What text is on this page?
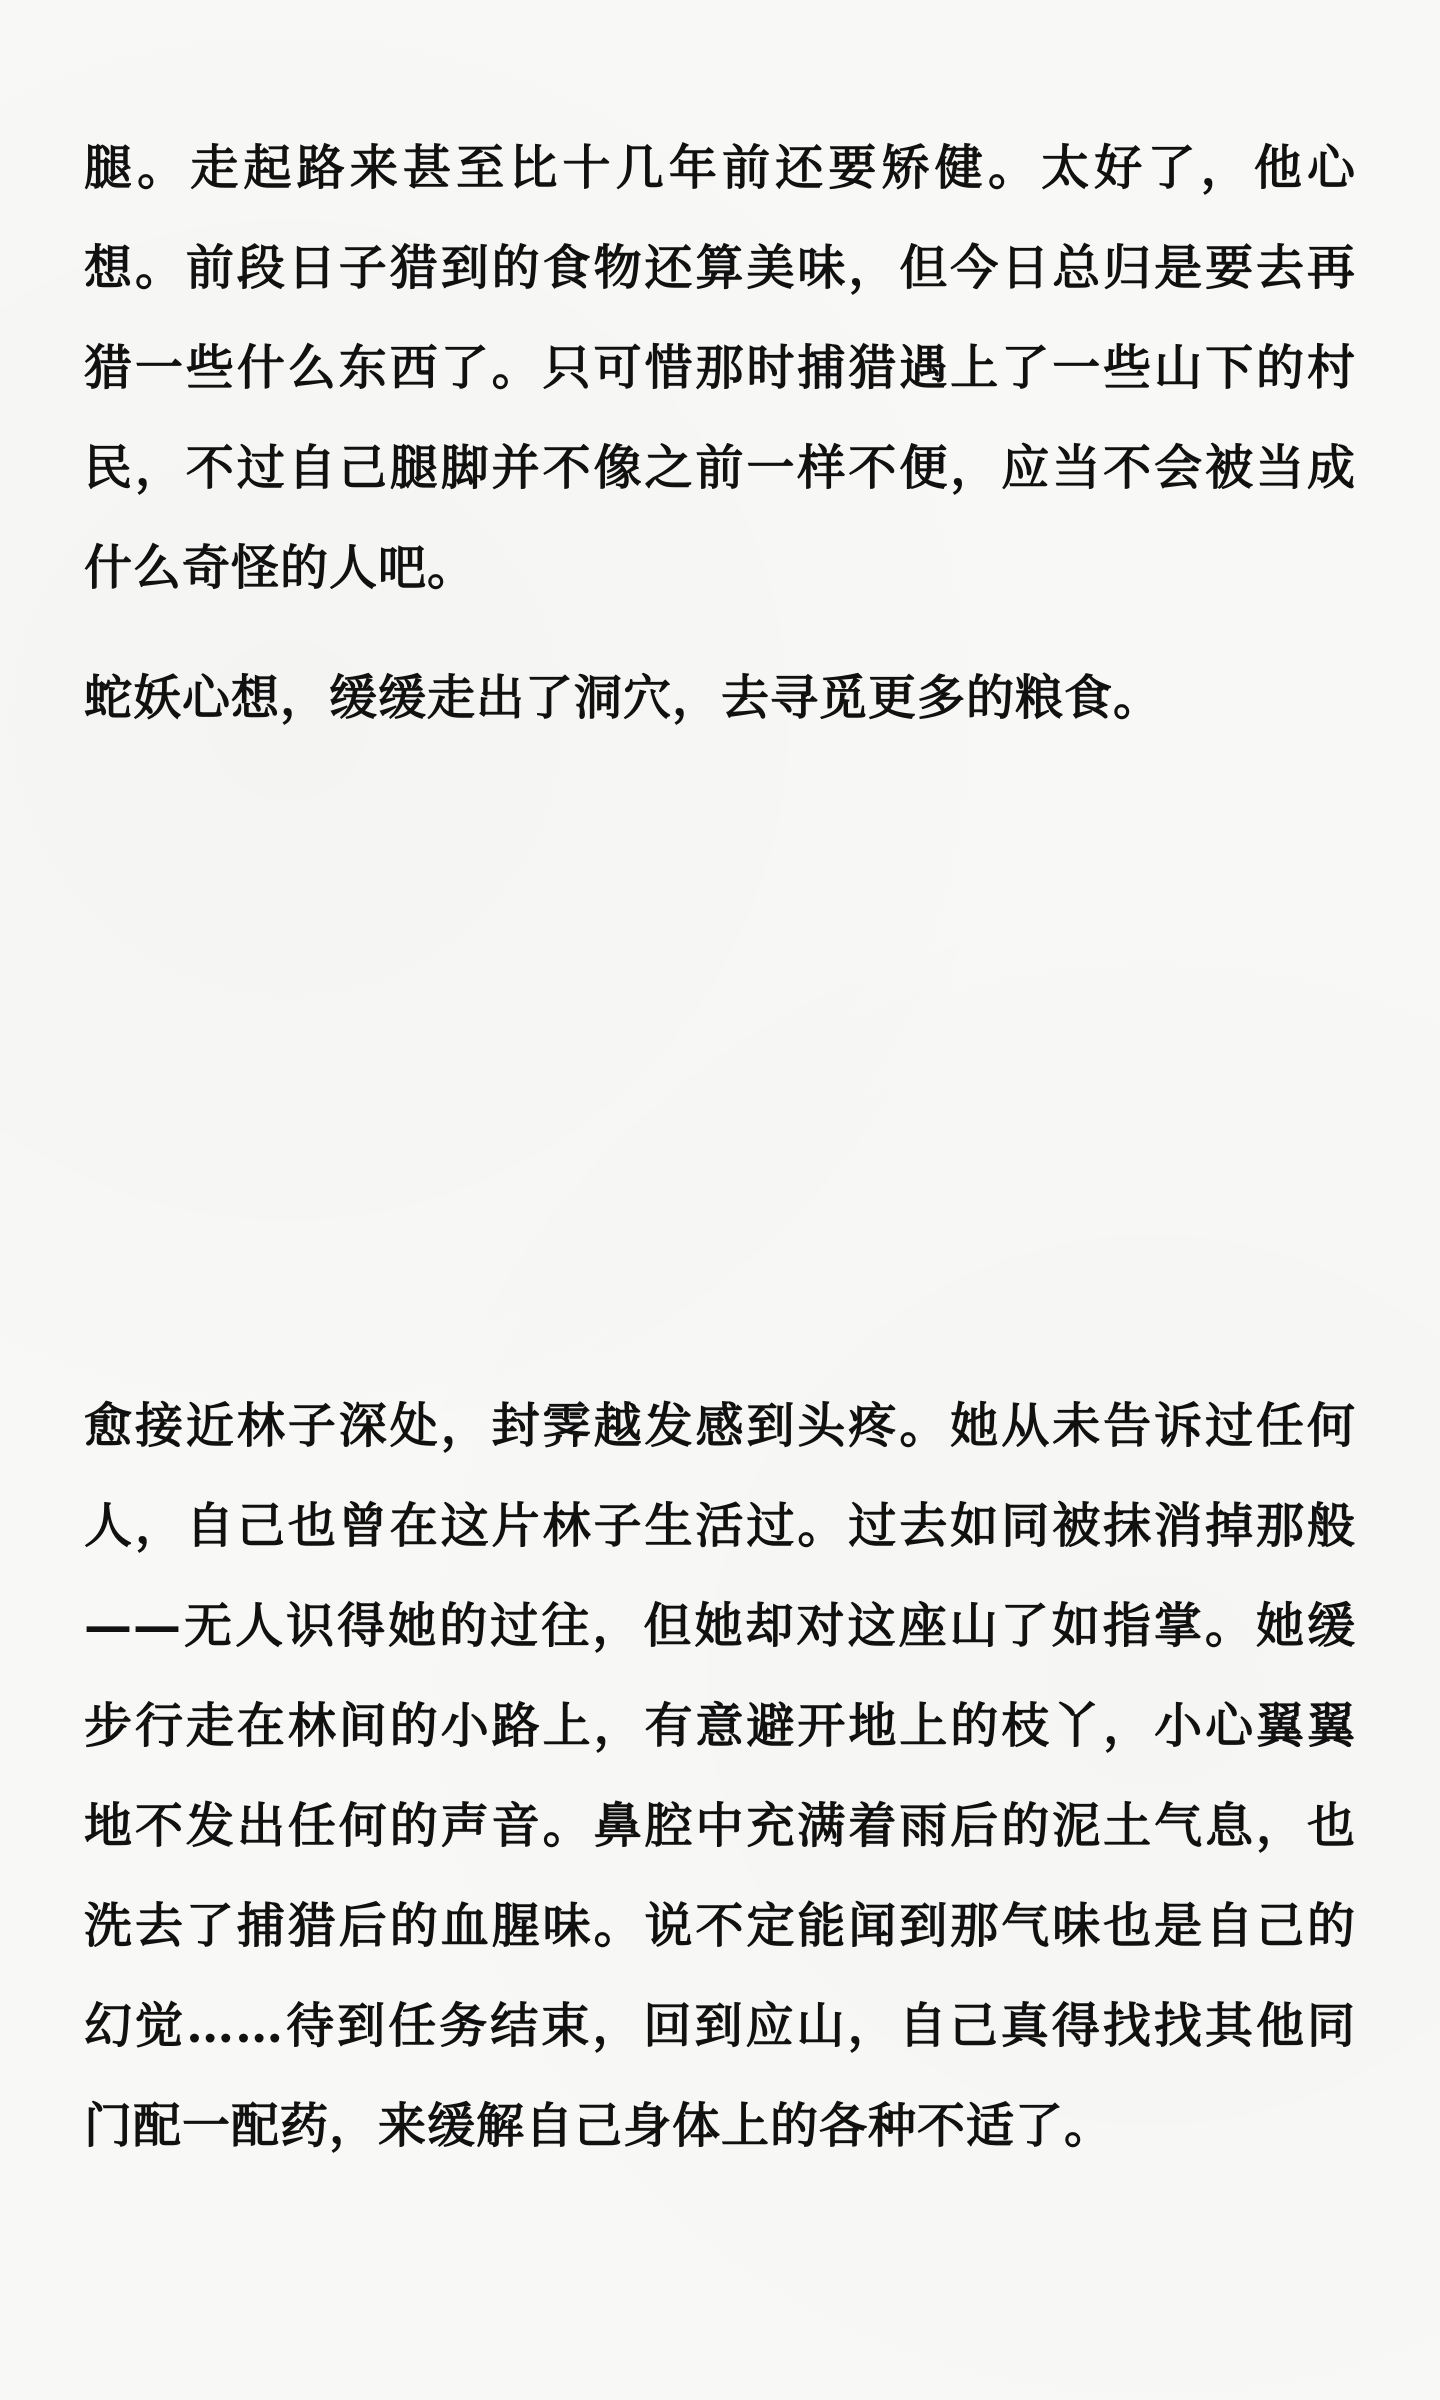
腿。走起路来甚至比十几年前还要矫健。太好了，他心想。前段日子猎到的食物还算美味，但今日总归是要去再猎一些什么东西了。只可惜那时捕猎遇上了一些山下的村民，不过自己腿脚并不像之前一样不便，应当不会被当成什么奇怪的人吧。

蛇妖心想，缓缓走出了洞穴，去寻觅更多的粮食。

愈接近林子深处，封霁越发感到头疼。她从未告诉过任何人，自己也曾在这片林子生活过。过去如同被抹消掉那般——无人识得她的过往，但她却对这座山了如指掌。她缓步行走在林间的小路上，有意避开地上的枝丫，小心翼翼地不发出任何的声音。鼻腔中充满着雨后的泥土气息，也洗去了捕猎后的血腥味。说不定能闻到那气味也是自己的幻觉……待到任务结束，回到应山，自己真得找找其他同门配一配药，来缓解自己身体上的各种不适了。
